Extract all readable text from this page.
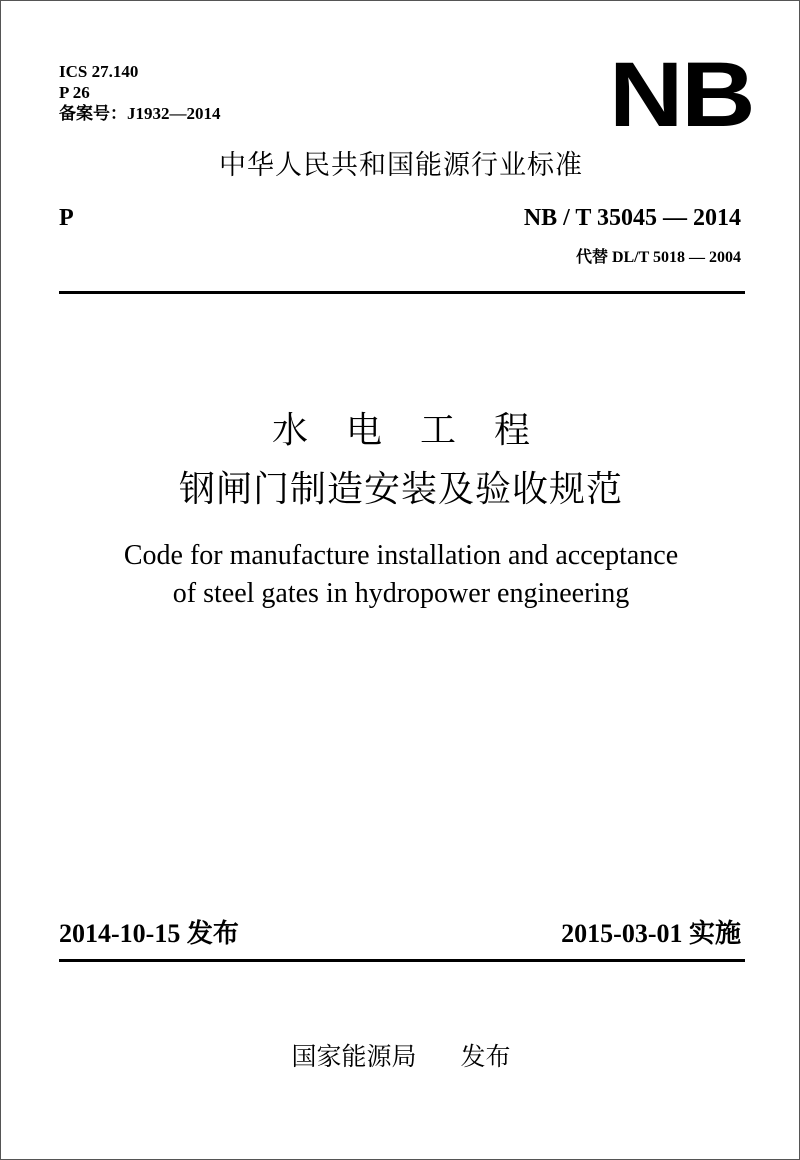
ICS 27.140
P 26
备案号：J1932—2014	NB
中华人民共和国能源行业标准
P	NB / T 35045 — 2014
代替 DL/T 5018 — 2004
水电工程
钢闸门制造安装及验收规范
Code for manufacture installation and acceptance
of steel gates in hydropower engineering
2014-10-15 发布	2015-03-01 实施
国家能源局 发布
